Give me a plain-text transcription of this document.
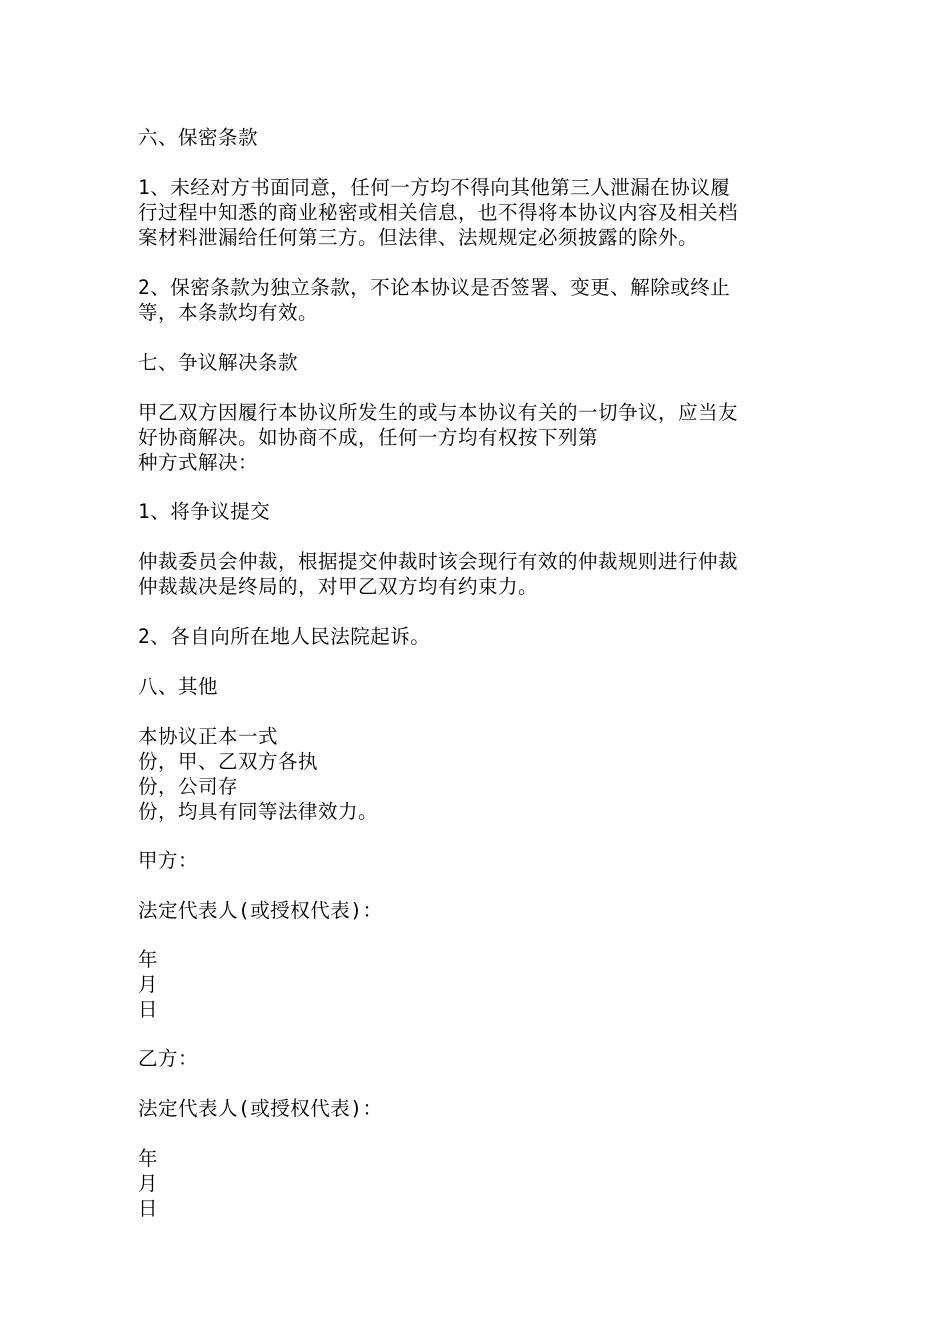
六、保密条款

1、未经对方书面同意，任何一方均不得向其他第三人泄漏在协议履
行过程中知悉的商业秘密或相关信息，也不得将本协议内容及相关档
案材料泄漏给任何第三方。但法律、法规规定必须披露的除外。

2、保密条款为独立条款，不论本协议是否签署、变更、解除或终止
等，本条款均有效。

七、争议解决条款

甲乙双方因履行本协议所发生的或与本协议有关的一切争议，应当友
好协商解决。如协商不成，任何一方均有权按下列第
种方式解决：

1、将争议提交

仲裁委员会仲裁，根据提交仲裁时该会现行有效的仲裁规则进行仲裁
仲裁裁决是终局的，对甲乙双方均有约束力。

2、各自向所在地人民法院起诉。

八、其他

本协议正本一式
份，甲、乙双方各执
份，公司存
份，均具有同等法律效力。

甲方：

法定代表人(或授权代表)：

年
月
日

乙方：

法定代表人(或授权代表)：

年
月
日
